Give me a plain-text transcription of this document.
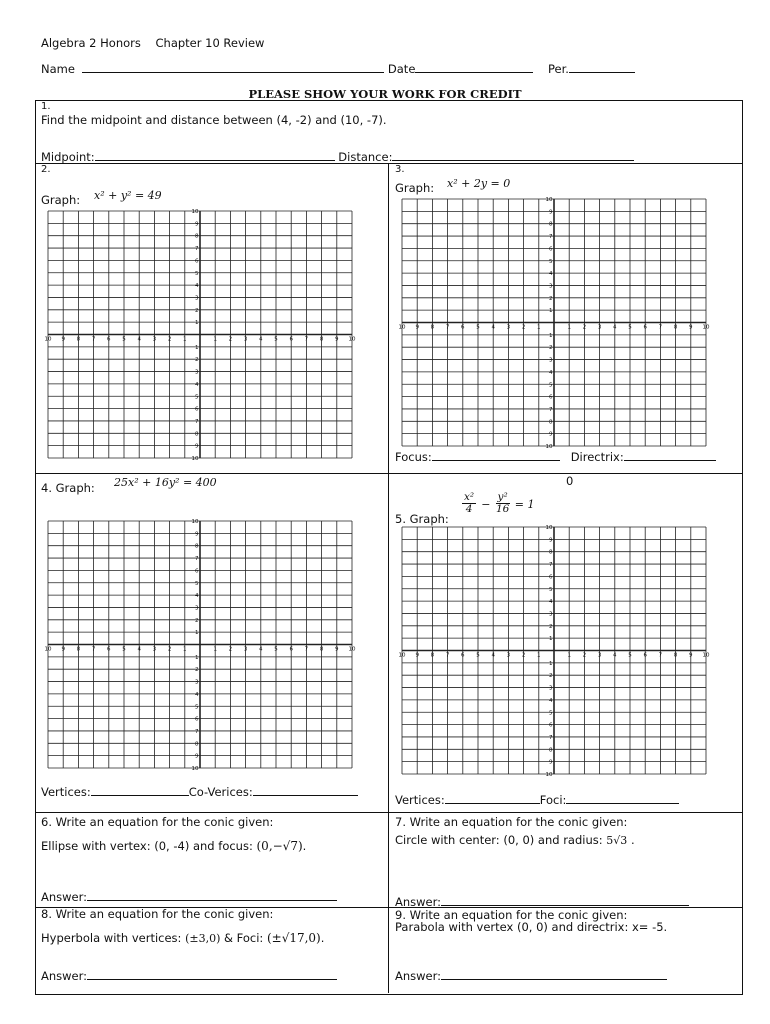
Algebra 2 Honors Chapter 10 Review
Name	Date	Per.
PLEASE SHOW YOUR WORK FOR CREDIT
1.
Find the midpoint and distance between (4, -2) and (10, -7).
Midpoint:	Distance:
2.
Graph: x² + y² = 49
10
10
9
9
8
8
7
7
6
6
5
5
4
4
3
3
2
2
1
1
1
1
2
2
3
3
4
4
5
5
6
6
7
7
8
8
9
9
10
10
3.
Graph: x² + 2y = 0
10
10
9
9
8
8
7
7
6
6
5
5
4
4
3
3
2
2
1
1
1
1
2
2
3
3
4
4
5
5
6
6
7
7
8
8
9
9
10
10
Focus:	Directrix:
4. Graph: 25x² + 16y² = 400
10
10
9
9
8
8
7
7
6
6
5
5
4
4
3
3
2
2
1
1
1
1
2
2
3
3
4
4
5
5
6
6
7
7
8
8
9
9
10
10
Vertices:	Co-Verices:
0
5. Graph:
$\frac{\text{x²}}{4} - \frac{\text{y²}}{16} = 1$
10
10
9
9
8
8
7
7
6
6
5
5
4
4
3
3
2
2
1
1
1
1
2
2
3
3
4
4
5
5
6
6
7
7
8
8
9
9
10
10
Vertices:	Foci:
6. Write an equation for the conic given:
Ellipse with vertex: (0, -4) and focus: (0,−√7).
Answer:
7. Write an equation for the conic given:
Circle with center: (0, 0) and radius: 5√3 .
Answer:
8. Write an equation for the conic given:
Hyperbola with vertices: (±3,0) & Foci: (±√17,0).
Answer:
9. Write an equation for the conic given:
Parabola with vertex (0, 0) and directrix: x= -5.
Answer:
